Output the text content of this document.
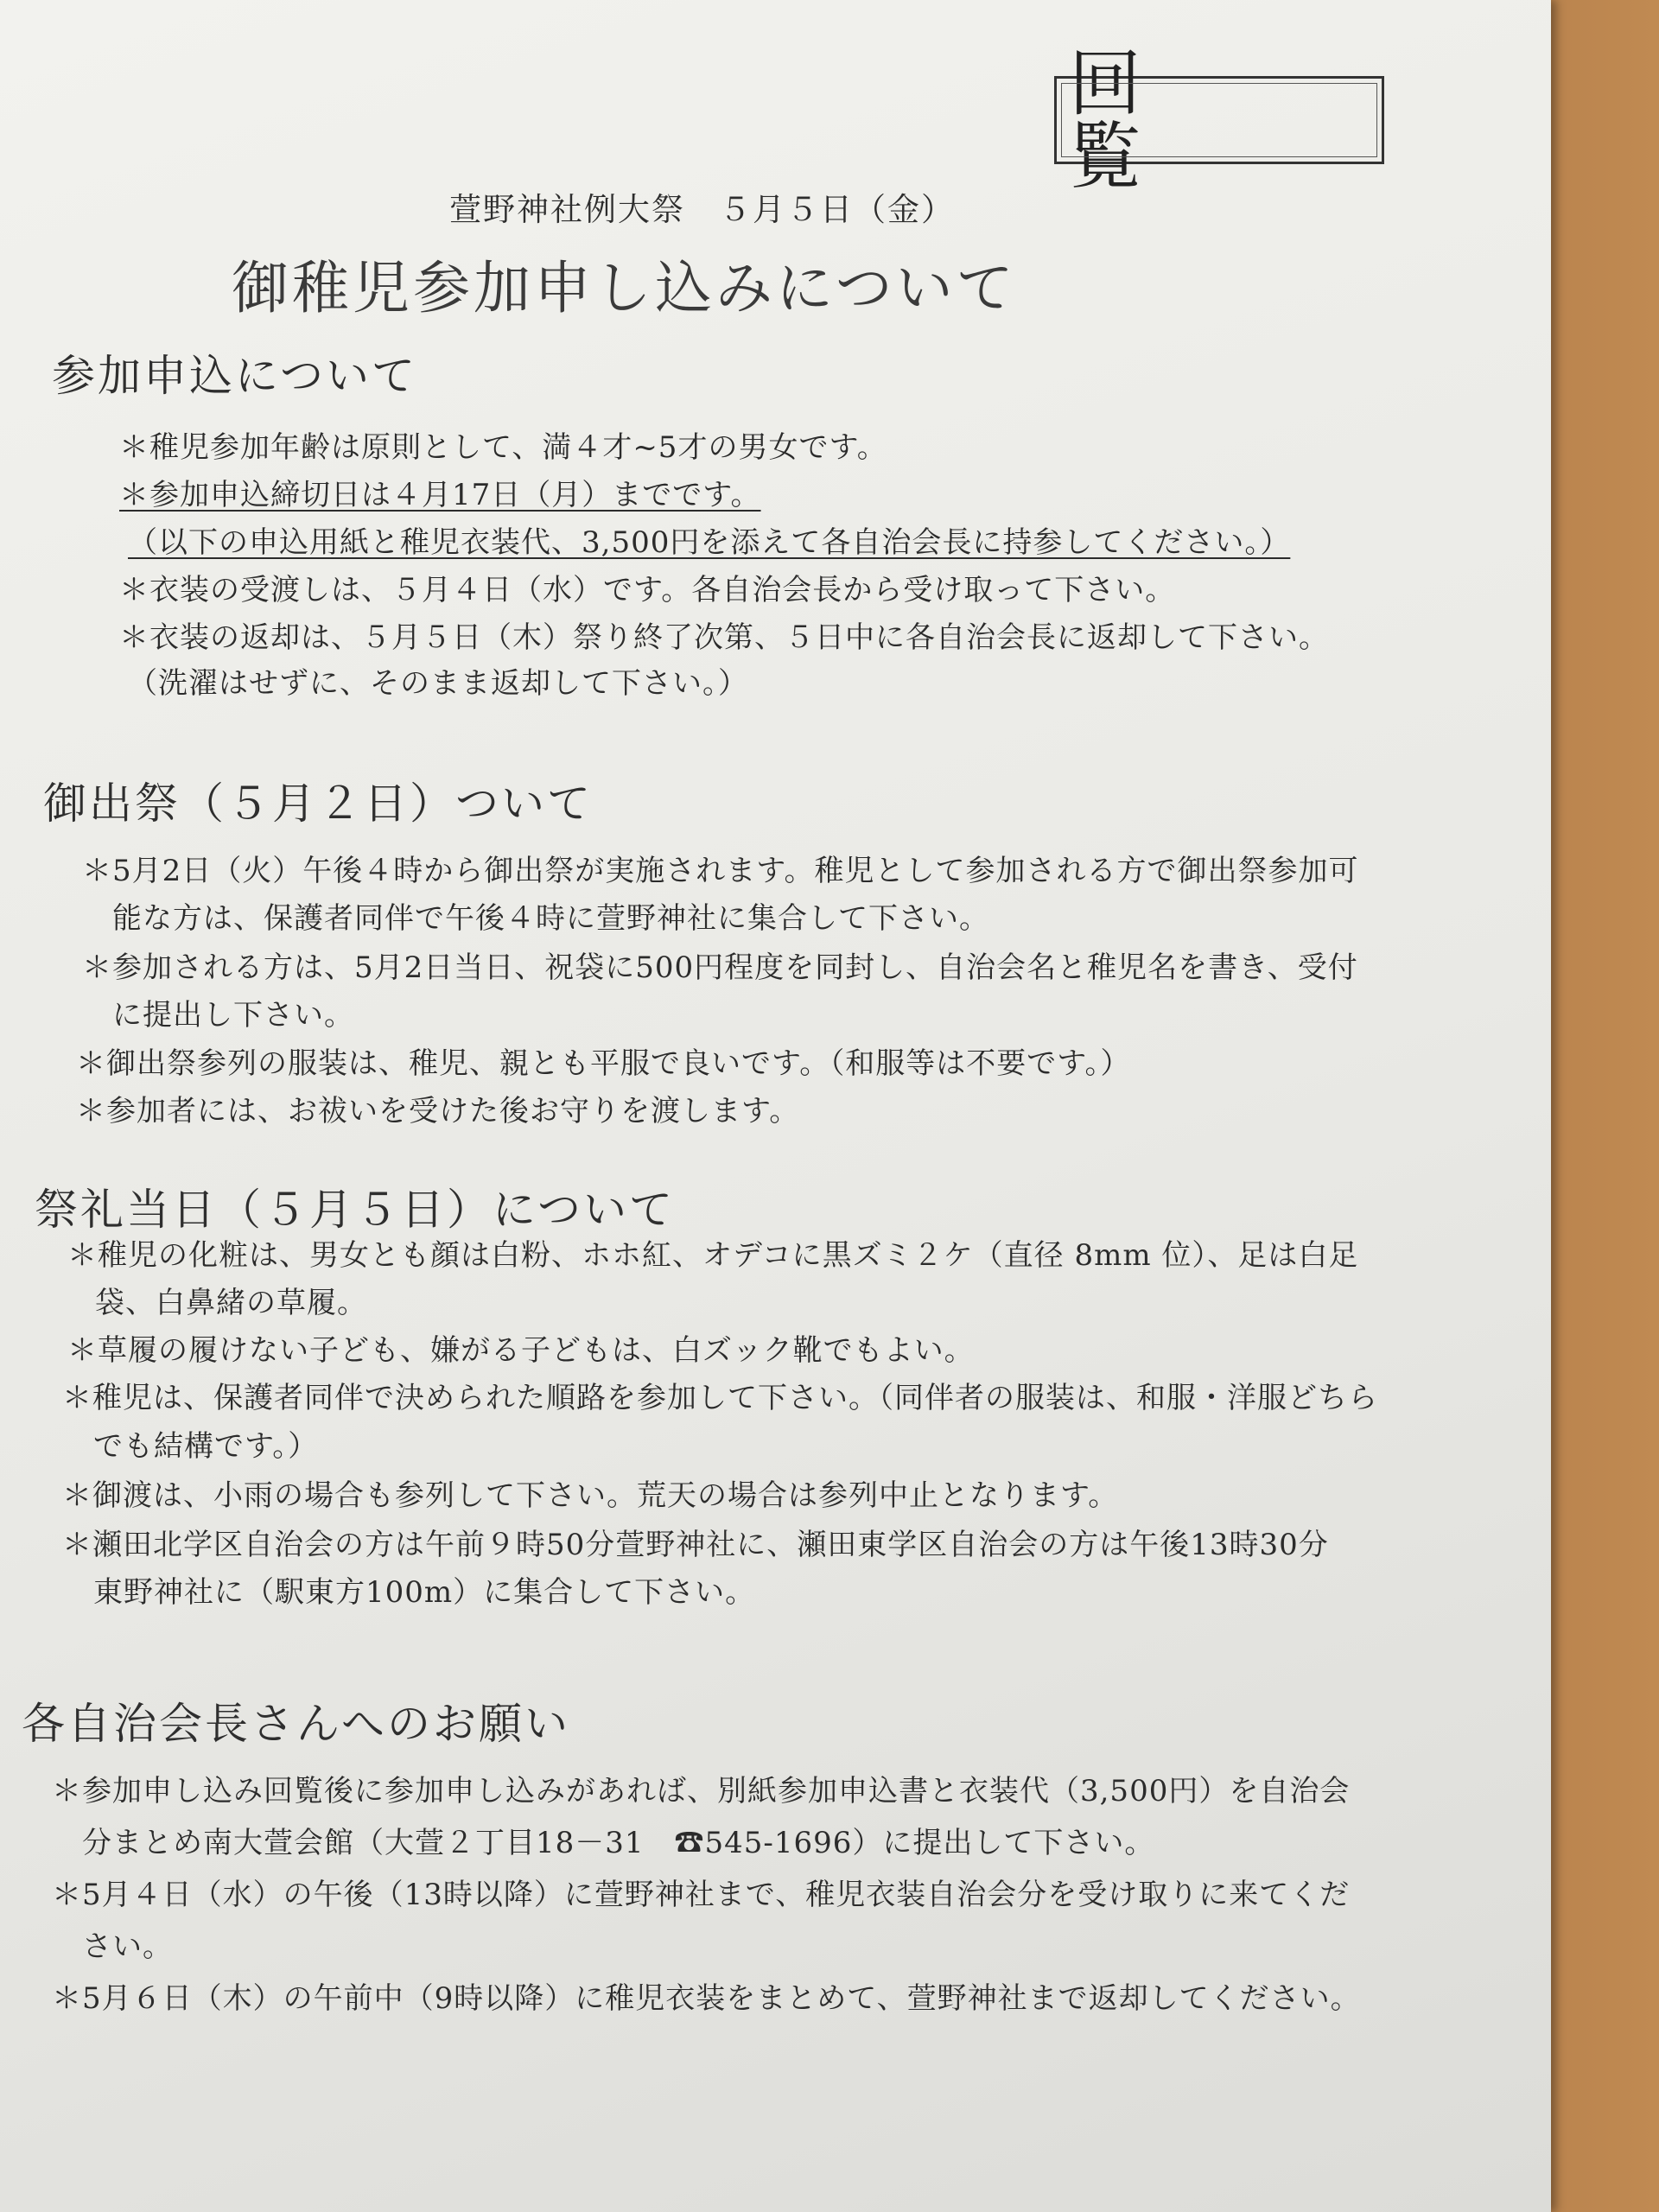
回覧
萱野神社例大祭　５月５日（金）
御稚児参加申し込みについて
参加申込について
＊稚児参加年齢は原則として、満４才~5才の男女です。
＊参加申込締切日は４月17日（月）までです。
（以下の申込用紙と稚児衣装代、3,500円を添えて各自治会長に持参してください。）
＊衣装の受渡しは、５月４日（水）です。各自治会長から受け取って下さい。
＊衣装の返却は、５月５日（木）祭り終了次第、５日中に各自治会長に返却して下さい。
（洗濯はせずに、そのまま返却して下さい。）
御出祭（５月２日）ついて
＊5月2日（火）午後４時から御出祭が実施されます。稚児として参加される方で御出祭参加可
能な方は、保護者同伴で午後４時に萱野神社に集合して下さい。
＊参加される方は、5月2日当日、祝袋に500円程度を同封し、自治会名と稚児名を書き、受付
に提出し下さい。
＊御出祭参列の服装は、稚児、親とも平服で良いです。（和服等は不要です。）
＊参加者には、お祓いを受けた後お守りを渡します。
祭礼当日（５月５日）について
＊稚児の化粧は、男女とも顔は白粉、ホホ紅、オデコに黒ズミ２ケ（直径 8mm 位）、足は白足
袋、白鼻緒の草履。
＊草履の履けない子ども、嫌がる子どもは、白ズック靴でもよい。
＊稚児は、保護者同伴で決められた順路を参加して下さい。（同伴者の服装は、和服・洋服どちら
でも結構です。）
＊御渡は、小雨の場合も参列して下さい。荒天の場合は参列中止となります。
＊瀬田北学区自治会の方は午前９時50分萱野神社に、瀬田東学区自治会の方は午後13時30分
東野神社に（駅東方100m）に集合して下さい。
各自治会長さんへのお願い
＊参加申し込み回覧後に参加申し込みがあれば、別紙参加申込書と衣装代（3,500円）を自治会
分まとめ南大萱会館（大萱２丁目18－31　☎545-1696）に提出して下さい。
＊5月４日（水）の午後（13時以降）に萱野神社まで、稚児衣装自治会分を受け取りに来てくだ
さい。
＊5月６日（木）の午前中（9時以降）に稚児衣装をまとめて、萱野神社まで返却してください。
